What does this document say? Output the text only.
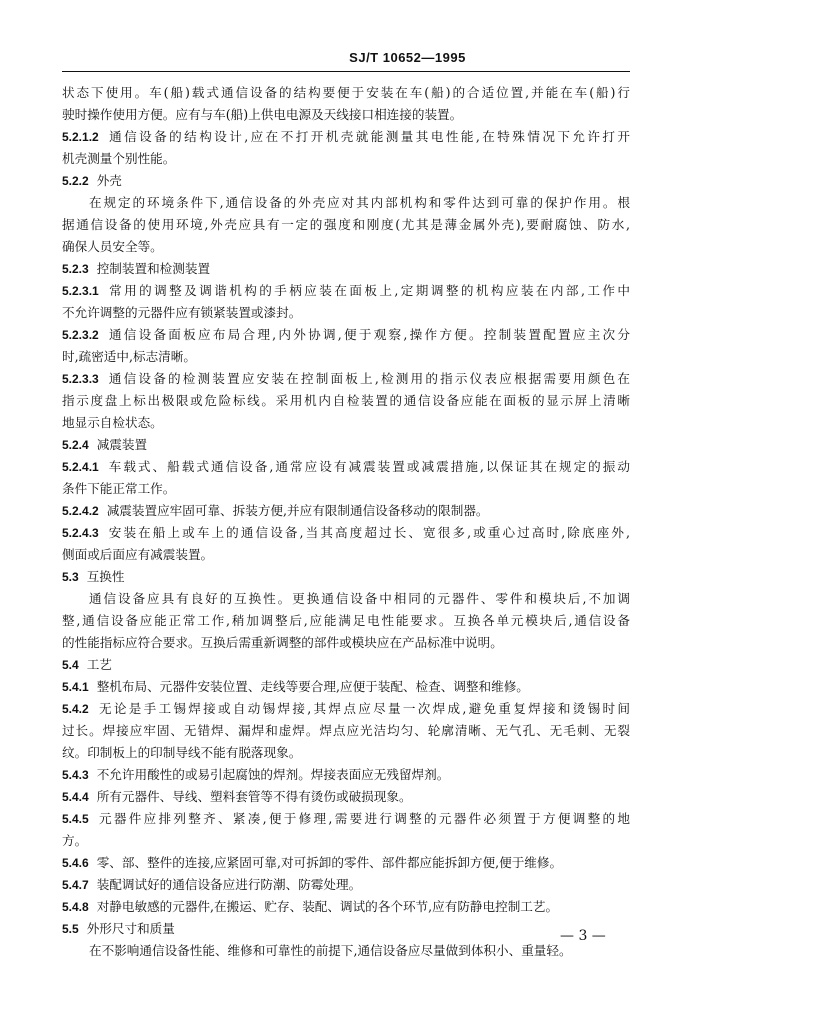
SJ/T 10652—1995
状态下使用。车(船)载式通信设备的结构要便于安装在车(船)的合适位置,并能在车(船)行
驶时操作使用方便。应有与车(船)上供电电源及天线接口相连接的装置。
5.2.1.2 通信设备的结构设计,应在不打开机壳就能测量其电性能,在特殊情况下允许打开
机壳测量个别性能。
5.2.2 外壳
在规定的环境条件下,通信设备的外壳应对其内部机构和零件达到可靠的保护作用。根
据通信设备的使用环境,外壳应具有一定的强度和刚度(尤其是薄金属外壳),要耐腐蚀、防水,
确保人员安全等。
5.2.3 控制装置和检测装置
5.2.3.1 常用的调整及调谐机构的手柄应装在面板上,定期调整的机构应装在内部,工作中
不允许调整的元器件应有锁紧装置或漆封。
5.2.3.2 通信设备面板应布局合理,内外协调,便于观察,操作方便。控制装置配置应主次分
时,疏密适中,标志清晰。
5.2.3.3 通信设备的检测装置应安装在控制面板上,检测用的指示仪表应根据需要用颜色在
指示度盘上标出极限或危险标线。采用机内自检装置的通信设备应能在面板的显示屏上清晰
地显示自检状态。
5.2.4 减震装置
5.2.4.1 车载式、船载式通信设备,通常应设有减震装置或减震措施,以保证其在规定的振动
条件下能正常工作。
5.2.4.2 减震装置应牢固可靠、拆装方便,并应有限制通信设备移动的限制器。
5.2.4.3 安装在船上或车上的通信设备,当其高度超过长、宽很多,或重心过高时,除底座外,
侧面或后面应有减震装置。
5.3 互换性
通信设备应具有良好的互换性。更换通信设备中相同的元器件、零件和模块后,不加调
整,通信设备应能正常工作,稍加调整后,应能满足电性能要求。互换各单元模块后,通信设备
的性能指标应符合要求。互换后需重新调整的部件或模块应在产品标准中说明。
5.4 工艺
5.4.1 整机布局、元器件安装位置、走线等要合理,应便于装配、检查、调整和维修。
5.4.2 无论是手工锡焊接或自动锡焊接,其焊点应尽量一次焊成,避免重复焊接和烫锡时间
过长。焊接应牢固、无错焊、漏焊和虚焊。焊点应光洁均匀、轮廓清晰、无气孔、无毛刺、无裂
纹。印制板上的印制导线不能有脱落现象。
5.4.3 不允许用酸性的或易引起腐蚀的焊剂。焊接表面应无残留焊剂。
5.4.4 所有元器件、导线、塑料套管等不得有烫伤或破损现象。
5.4.5 元器件应排列整齐、紧凑,便于修理,需要进行调整的元器件必须置于方便调整的地
方。
5.4.6 零、部、整件的连接,应紧固可靠,对可拆卸的零件、部件都应能拆卸方便,便于维修。
5.4.7 装配调试好的通信设备应进行防潮、防霉处理。
5.4.8 对静电敏感的元器件,在搬运、贮存、装配、调试的各个环节,应有防静电控制工艺。
5.5 外形尺寸和质量
在不影响通信设备性能、维修和可靠性的前提下,通信设备应尽量做到体积小、重量轻。
— 3 —
